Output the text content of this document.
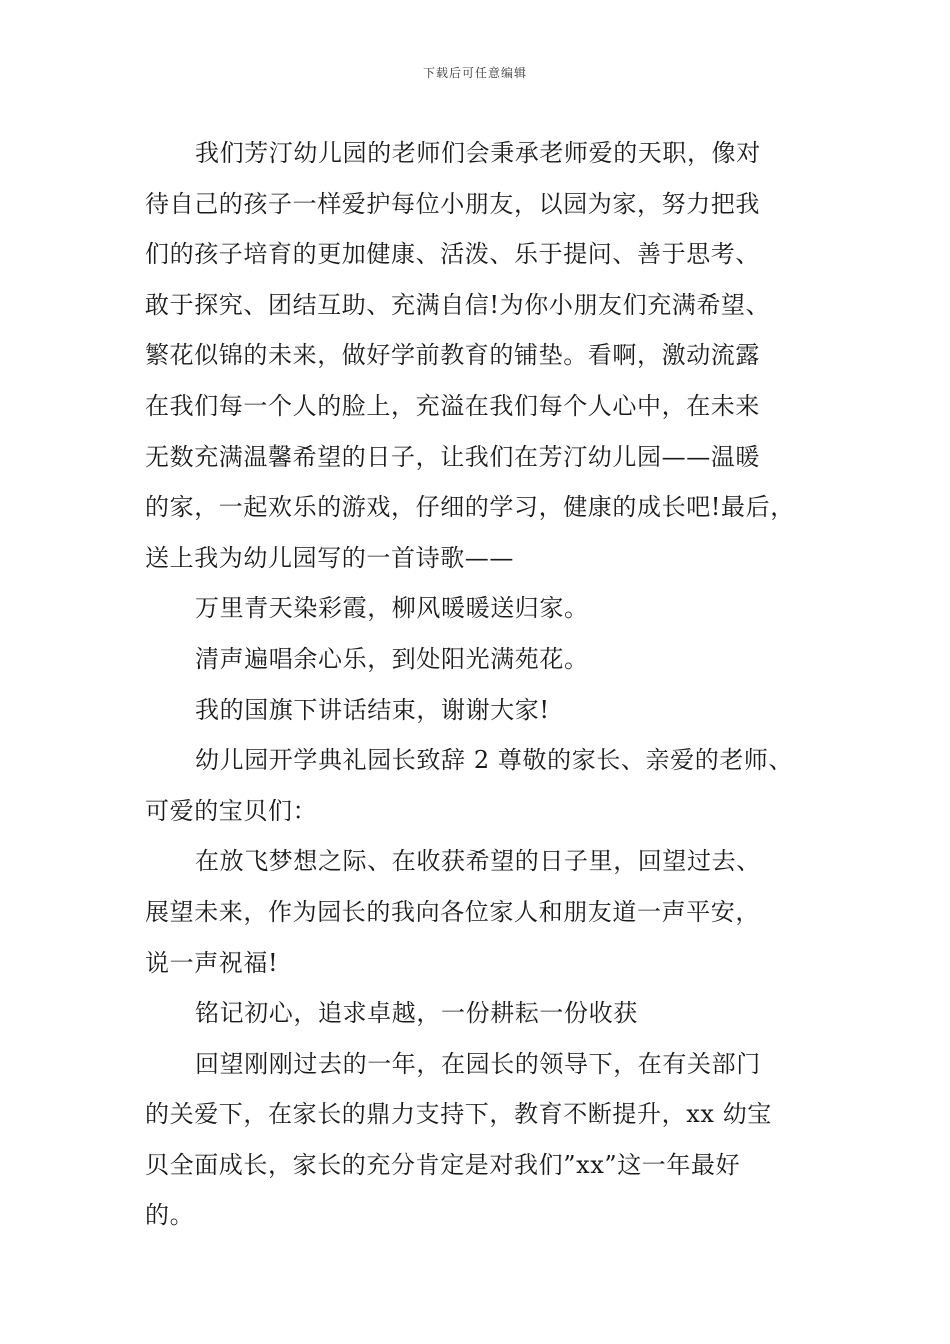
下载后可任意编辑
我们芳汀幼儿园的老师们会秉承老师爱的天职，像对
待自己的孩子一样爱护每位小朋友，以园为家，努力把我
们的孩子培育的更加健康、活泼、乐于提问、善于思考、
敢于探究、团结互助、充满自信!为你小朋友们充满希望、
繁花似锦的未来，做好学前教育的铺垫。看啊，激动流露
在我们每一个人的脸上，充溢在我们每个人心中，在未来
无数充满温馨希望的日子，让我们在芳汀幼儿园——温暖
的家，一起欢乐的游戏，仔细的学习，健康的成长吧!最后，
送上我为幼儿园写的一首诗歌——
万里青天染彩霞，柳风暖暖送归家。
清声遍唱余心乐，到处阳光满苑花。
我的国旗下讲话结束，谢谢大家!
幼儿园开学典礼园长致辞 2 尊敬的家长、亲爱的老师、
可爱的宝贝们：
在放飞梦想之际、在收获希望的日子里，回望过去、
展望未来，作为园长的我向各位家人和朋友道一声平安，
说一声祝福!
铭记初心，追求卓越，一份耕耘一份收获
回望刚刚过去的一年，在园长的领导下，在有关部门
的关爱下，在家长的鼎力支持下，教育不断提升，xx 幼宝
贝全面成长，家长的充分肯定是对我们”xx”这一年最好
的。
